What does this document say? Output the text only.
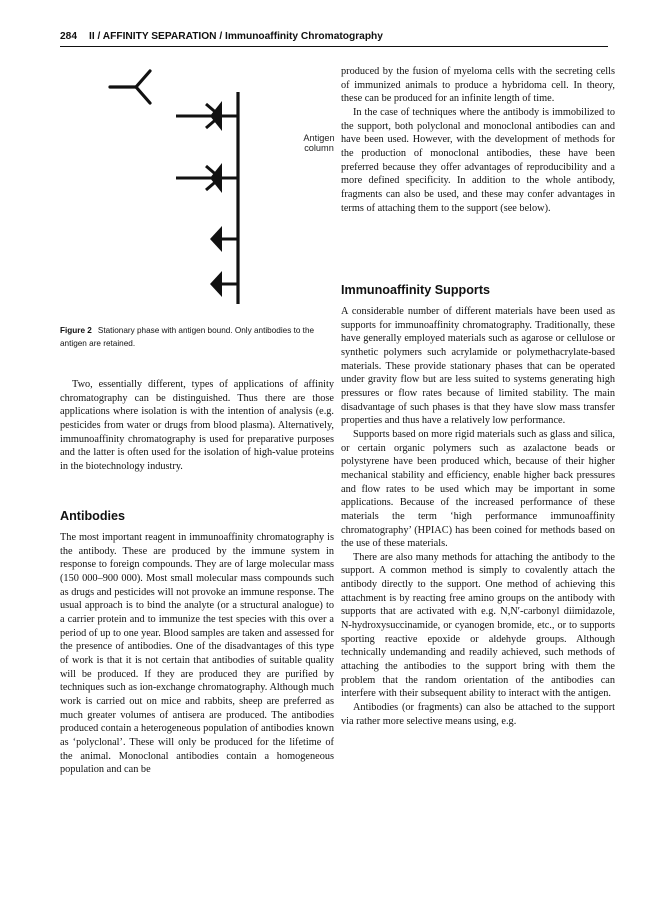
284 II / AFFINITY SEPARATION / Immunoaffinity Chromatography
Antigen
column
Figure 2 Stationary phase with antigen bound. Only antibodies to the antigen are retained.

Two, essentially different, types of applications of affinity chromatography can be distinguished. Thus there are those applications where isolation is with the intention of analysis (e.g. pesticides from water or drugs from blood plasma). Alternatively, immunoaffinity chromatography is used for preparative purposes and the latter is often used for the isolation of high-value proteins in the biotechnology industry.

Antibodies

The most important reagent in immunoaffinity chromatography is the antibody. These are produced by the immune system in response to foreign compounds. They are of large molecular mass (150 000–900 000). Most small molecular mass compounds such as drugs and pesticides will not provoke an immune response. The usual approach is to bind the analyte (or a structural analogue) to a carrier protein and to immunize the test species with this over a period of up to one year. Blood samples are taken and assessed for the presence of antibodies. One of the disadvantages of this type of work is that it is not certain that antibodies of suitable quality will be produced. If they are produced they are purified by techniques such as ion-exchange chromatography. Although much work is carried out on mice and rabbits, sheep are preferred as much greater volumes of antisera are produced. The antibodies produced contain a heterogeneous population of antibodies known as ‘polyclonal’. These will only be produced for the lifetime of the animal. Monoclonal antibodies contain a homogeneous population and can be

produced by the fusion of myeloma cells with the secreting cells of immunized animals to produce a hybridoma cell. In theory, these can be produced for an infinite length of time.

In the case of techniques where the antibody is immobilized to the support, both polyclonal and monoclonal antibodies can and have been used. However, with the development of methods for the production of monoclonal antibodies, these have been preferred because they offer advantages of reproducibility and a more defined specificity. In addition to the whole antibody, fragments can also be used, and these may confer advantages in terms of attaching them to the support (see below).

Immunoaffinity Supports

A considerable number of different materials have been used as supports for immunoaffinity chromatography. Traditionally, these have generally employed materials such as agarose or cellulose or synthetic polymers such acrylamide or polymethacrylate-based materials. These provide stationary phases that can be operated under gravity flow but are less suited to systems generating high pressures or flow rates because of limited stability. The main disadvantage of such phases is that they have slow mass transfer properties and thus have a relatively low performance.

Supports based on more rigid materials such as glass and silica, or certain organic polymers such as azalactone beads or polystyrene have been produced which, because of their higher mechanical stability and efficiency, enable higher back pressures and flow rates to be used which may be important in some applications. Because of the increased performance of these materials the term ‘high performance immunoaffinity chromatography’ (HPIAC) has been coined for methods based on the use of these materials.

There are also many methods for attaching the antibody to the support. A common method is simply to covalently attach the antibody directly to the support. One method of achieving this attachment is by reacting free amino groups on the antibody with supports that are activated with e.g. N,N′-carbonyl diimidazole, N-hydroxysuccinamide, or cyanogen bromide, etc., or to supports sporting reactive epoxide or aldehyde groups. Although technically undemanding and readily achieved, such methods of attaching the antibodies to the support bring with them the problem that the random orientation of the antibodies can interfere with their subsequent ability to interact with the antigen.

Antibodies (or fragments) can also be attached to the support via rather more selective means using, e.g.
